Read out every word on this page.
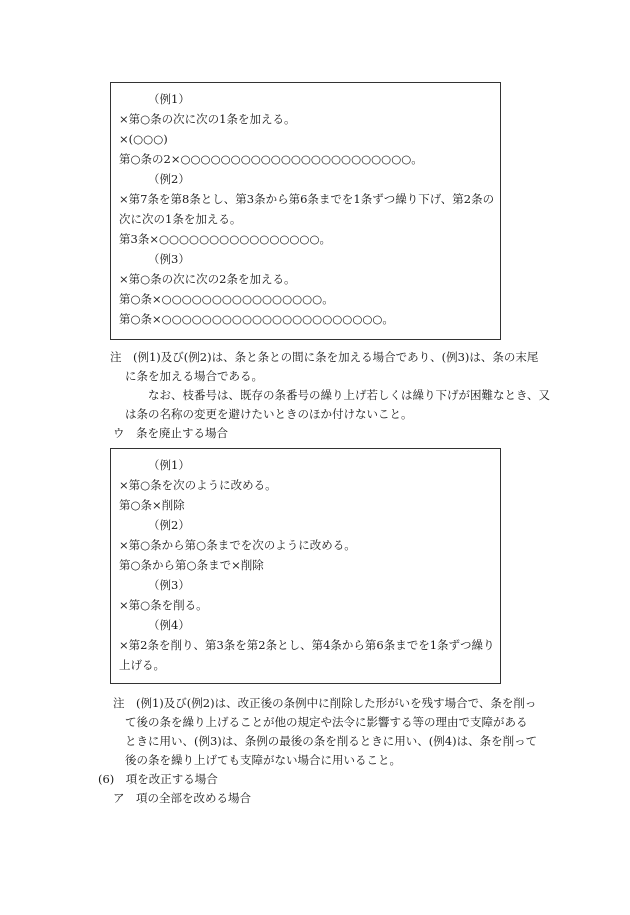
（例1）
×第○条の次に次の1条を加える。
×(○○○)
第○条の2×○○○○○○○○○○○○○○○○○○○○○○○。
（例2）
×第7条を第8条とし、第3条から第6条までを1条ずつ繰り下げ、第2条の
次に次の1条を加える。
第3条×○○○○○○○○○○○○○○○○。
（例3）
×第○条の次に次の2条を加える。
第○条×○○○○○○○○○○○○○○○○。
第○条×○○○○○○○○○○○○○○○○○○○○○○。
注　(例1)及び(例2)は、条と条との間に条を加える場合であり、(例3)は、条の末尾
に条を加える場合である。
なお、枝番号は、既存の条番号の繰り上げ若しくは繰り下げが困難なとき、又
は条の名称の変更を避けたいときのほか付けないこと。
ウ　条を廃止する場合
（例1）
×第○条を次のように改める。
第○条×削除
（例2）
×第○条から第○条までを次のように改める。
第○条から第○条まで×削除
（例3）
×第○条を削る。
（例4）
×第2条を削り、第3条を第2条とし、第4条から第6条までを1条ずつ繰り
上げる。
注　(例1)及び(例2)は、改正後の条例中に削除した形がいを残す場合で、条を削っ
て後の条を繰り上げることが他の規定や法令に影響する等の理由で支障がある
ときに用い、(例3)は、条例の最後の条を削るときに用い、(例4)は、条を削って
後の条を繰り上げても支障がない場合に用いること。
(6)　項を改正する場合
ア　項の全部を改める場合
